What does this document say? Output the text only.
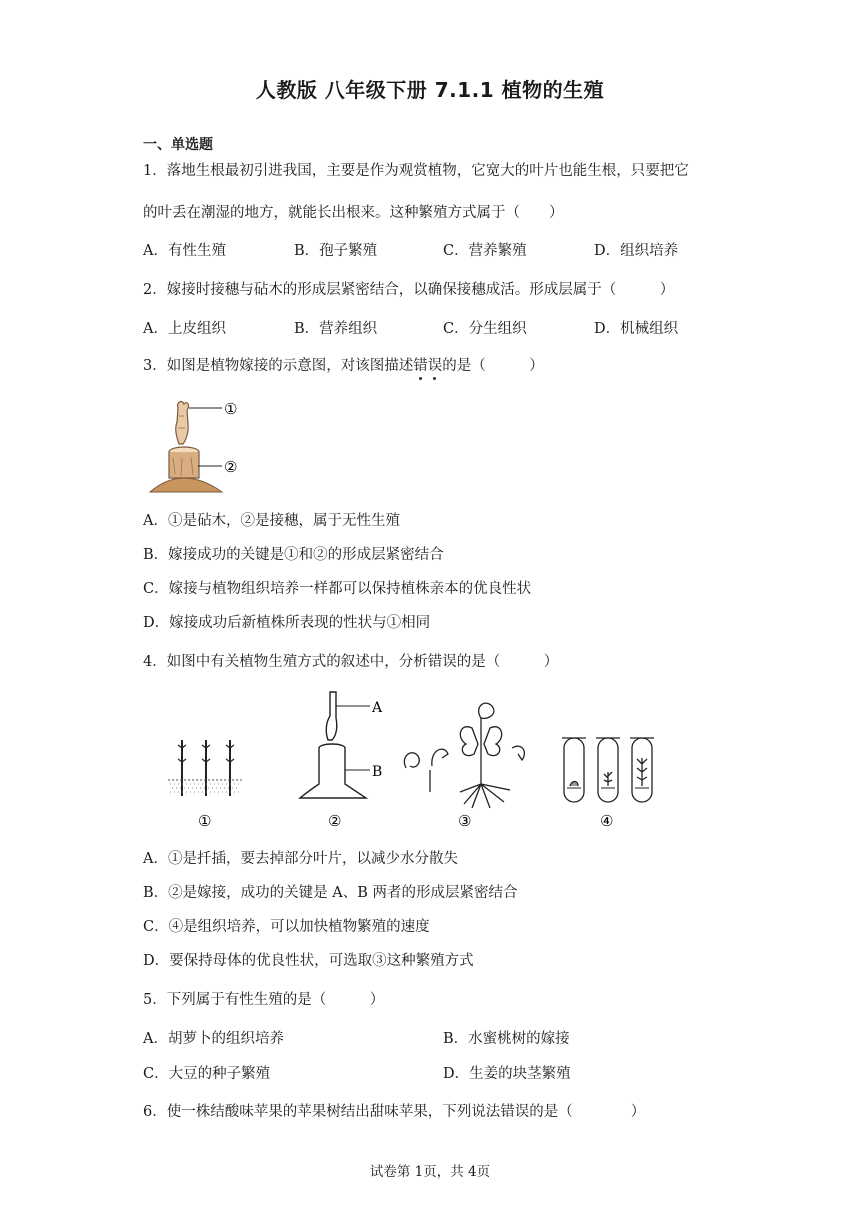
人教版 八年级下册 7.1.1 植物的生殖
一、单选题
1．落地生根最初引进我国，主要是作为观赏植物，它宽大的叶片也能生根，只要把它
的叶丢在潮湿的地方，就能长出根来。这种繁殖方式属于（　　）
A．有性生殖	B．孢子繁殖	C．营养繁殖	D．组织培养
2．嫁接时接穗与砧木的形成层紧密结合，以确保接穗成活。形成层属于（　　　）
A．上皮组织	B．营养组织	C．分生组织	D．机械组织
3．如图是植物嫁接的示意图，对该图描述错误的是（　　　）
①
②
A．①是砧木，②是接穗，属于无性生殖
B．嫁接成功的关键是①和②的形成层紧密结合
C．嫁接与植物组织培养一样都可以保持植株亲本的优良性状
D．嫁接成功后新植株所表现的性状与①相同
4．如图中有关植物生殖方式的叙述中，分析错误的是（　　　）
①
A
B
②	③	④
A．①是扦插，要去掉部分叶片，以减少水分散失
B．②是嫁接，成功的关键是 A、B 两者的形成层紧密结合
C．④是组织培养，可以加快植物繁殖的速度
D．要保持母体的优良性状，可选取③这种繁殖方式
5．下列属于有性生殖的是（　　　）
A．胡萝卜的组织培养	B．水蜜桃树的嫁接
C．大豆的种子繁殖	D．生姜的块茎繁殖
6．使一株结酸味苹果的苹果树结出甜味苹果，下列说法错误的是（　　　　）
试卷第 1页，共 4页
